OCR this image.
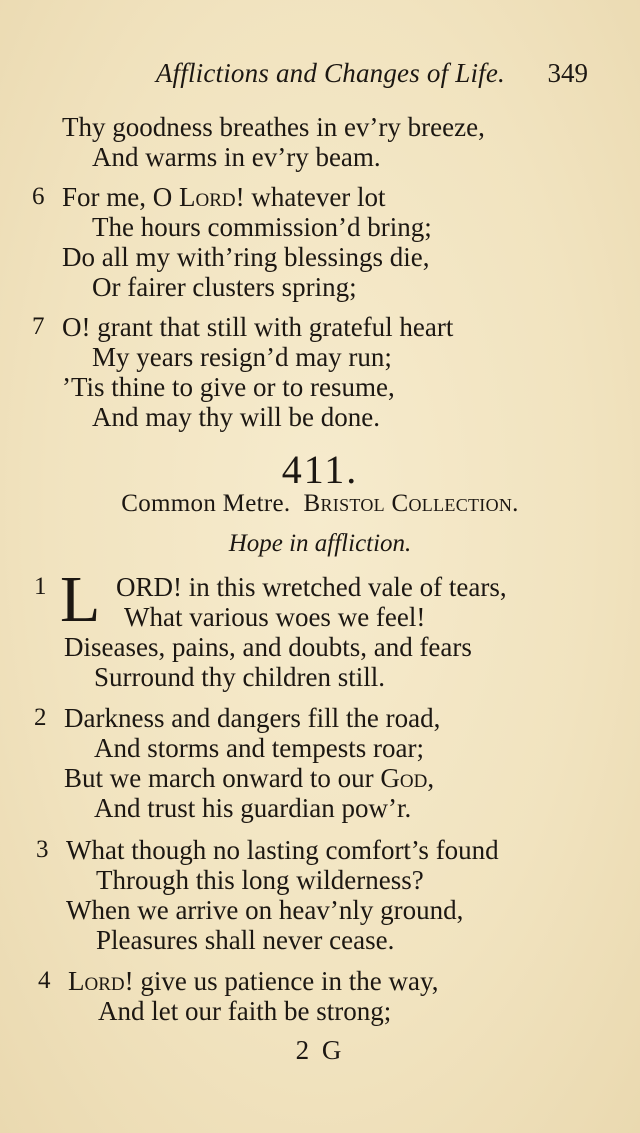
Afflictions and Changes of Life. 349
Thy goodness breathes in ev’ry breeze,
And warms in ev’ry beam.
6 For me, O Lord! whatever lot
The hours commission’d bring;
Do all my with’ring blessings die,
Or fairer clusters spring;
7 O! grant that still with grateful heart
My years resign’d may run;
’Tis thine to give or to resume,
And may thy will be done.
411.
Common Metre. Bristol Collection.
Hope in affliction.
1 L ORD! in this wretched vale of tears,
What various woes we feel!
Diseases, pains, and doubts, and fears
Surround thy children still.
2 Darkness and dangers fill the road,
And storms and tempests roar;
But we march onward to our God,
And trust his guardian pow’r.
3 What though no lasting comfort’s found
Through this long wilderness?
When we arrive on heav’nly ground,
Pleasures shall never cease.
4 Lord! give us patience in the way,
And let our faith be strong;
2 G
